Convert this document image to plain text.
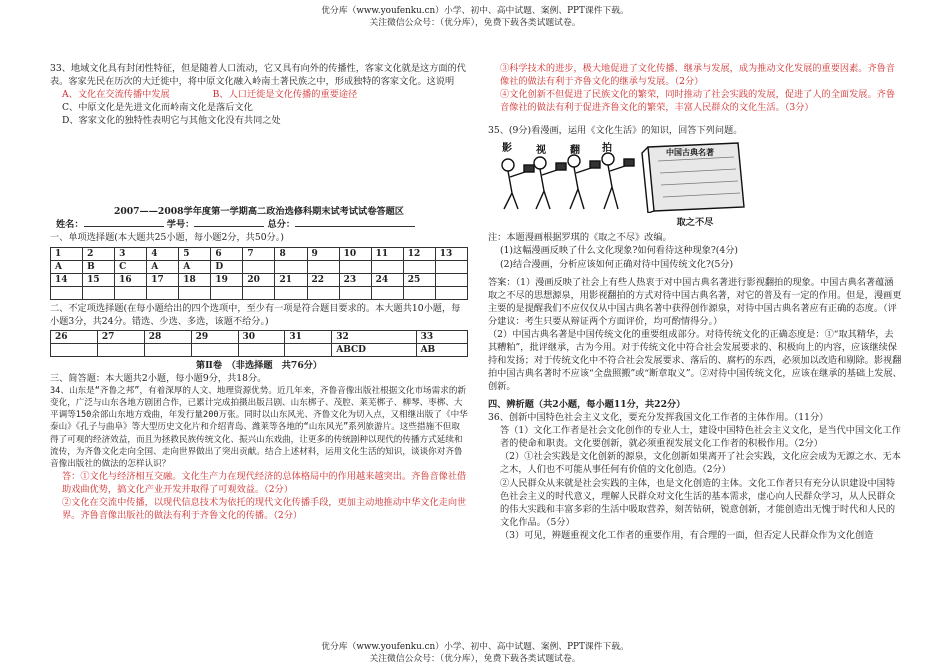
优分库（www.youfenku.cn）小学、初中、高中试题、案例、PPT课件下载。

关注微信公众号：（优分库），免费下载各类试题试卷。

33、地域文化具有封闭性特征，但是随着人口流动，它又具有向外的传播性，客家文化就是这方面的代表。客家先民在历次的大迁徙中，将中原文化融入岭南土著民族之中，形成独特的客家文化。这说明

A、文化在交流传播中发展	B、人口迁徙是文化传播的重要途径

C、中原文化是先进文化而岭南文化是落后文化

D、客家文化的独特性表明它与其他文化没有共同之处

2007——2008学年度第一学期高二政治选修科期末试考试试卷答题区

姓名：	学号：	总分：

一、单项选择题(本大题共25小题，每小题2分，共50分。)

1	2	3	4	5	6	7	8	9	10	11	12	13
A	B	C	A	A	D							
14	15	16	17	18	19	20	21	22	23	24	25	

二、不定项选择题(在每小题给出的四个选项中，至少有一项是符合题目要求的。本大题共10小题，每小题3分，共24分。错选、少选、多选，该题不给分。)

26	27	28	29	30	31	32	33
						ABCD	AB

第Ⅱ卷　（非选择题　共76分）

三、简答题：本大题共2小题，每小题9分，共18分。

34、山东是“齐鲁之邦”，有着深厚的人文、地理资源优势。近几年来，齐鲁音像出版社根据文化市场需求的新变化，广泛与山东各地方剧团合作，已累计完成拍摄出版吕剧、山东梆子、茂腔、莱芜梆子、柳琴、枣梆、大平调等150余部山东地方戏曲，年发行量200万张。同时以山东风光、齐鲁文化为切入点，又相继出版了《中华泰山》《孔子与曲阜》等大型历史文化片和介绍青岛、潍莱等各地的“山东风光”系列旅游片。这些措施不但取得了可观的经济效益，而且为拯救民族传统文化、振兴山东戏曲，让更多的传统剧种以现代的传播方式延续和流传，为齐鲁文化走向全国、走向世界做出了突出贡献。结合上述材料，运用文化生活的知识，谈谈你对齐鲁音像出版社的做法的怎样认识？

答：①文化与经济相互交融。文化生产力在现代经济的总体格局中的作用越来越突出。齐鲁音像社借助戏曲优势，搞文化产业开发并取得了可观效益。（2分）

②文化在交流中传播，以现代信息技术为依托的现代文化传播手段，更加主动地推动中华文化走向世界。齐鲁音像出版社的做法有利于齐鲁文化的传播。（2分）

③科学技术的进步，极大地促进了文化传播、继承与发展，成为推动文化发展的重要因素。齐鲁音像社的做法有利于齐鲁文化的继承与发展。（2分）

④文化创新不但促进了民族文化的繁荣，同时推动了社会实践的发展，促进了人的全面发展。齐鲁音像社的做法有利于促进齐鲁文化的繁荣，丰富人民群众的文化生活。（3分）

35、(9分)看漫画，运用《文化生活》的知识，回答下列问题。

影 视 翻 拍	中国古典名著

取之不尽

注：本题漫画根据罗琪的《取之不尽》改编。

(1)这幅漫画反映了什么文化现象?如何看待这种现象?(4分)

(2)结合漫画，分析应该如何正确对待中国传统文化?(5分)

答案：（1）漫画反映了社会上有些人热衷于对中国古典名著进行影视翻拍的现象。中国古典名著蕴涵取之不尽的思想源泉，用影视翻拍的方式对待中国古典名著，对它的普及有一定的作用。但是，漫画更主要的是提醒我们不应仅仅从中国古典名著中获得创作源泉，对待中国古典名著应有正确的态度。（评分建议：考生只要从辩证两个方面评价，均可酌情得分。）

（2）中国古典名著是中国传统文化的重要组成部分。对待传统文化的正确态度是：①“取其精华，去其糟粕”，批评继承，古为今用。对于传统文化中符合社会发展要求的、积极向上的内容，应该继续保持和发扬；对于传统文化中不符合社会发展要求、落后的、腐朽的东西，必须加以改造和剔除。影视翻拍中国古典名著时不应该“全盘照搬”或“断章取义”。②对待中国传统文化，应该在继承的基础上发展、创新。

四、辨析题（共2小题，每小题11分，共22分）

36、创新中国特色社会主义文化，要充分发挥我国文化工作者的主体作用。（11分）

答（1）文化工作者是社会文化创作的专业人士，建设中国特色社会主义文化，是当代中国文化工作者的使命和职责。文化要创新，就必须重视发展文化工作者的积极作用。（2分）

（2）①社会实践是文化创新的源泉，文化创新如果离开了社会实践，文化应会成为无源之水、无本之木，人们也不可能从事任何有价值的文化创造。（2分）

②人民群众从来就是社会实践的主体，也是文化创造的主体。文化工作者只有充分认识建设中国特色社会主义的时代意义，理解人民群众对文化生活的基本需求，虚心向人民群众学习，从人民群众的伟大实践和丰富多彩的生活中吸取营养，刻苦钻研，锐意创新，才能创造出无愧于时代和人民的文化作品。（5分）

（3）可见，辨题重视文化工作者的重要作用，有合理的一面，但否定人民群众作为文化创造

优分库（www.youfenku.cn）小学、初中、高中试题、案例、PPT课件下载。

关注微信公众号：（优分库），免费下载各类试题试卷。
